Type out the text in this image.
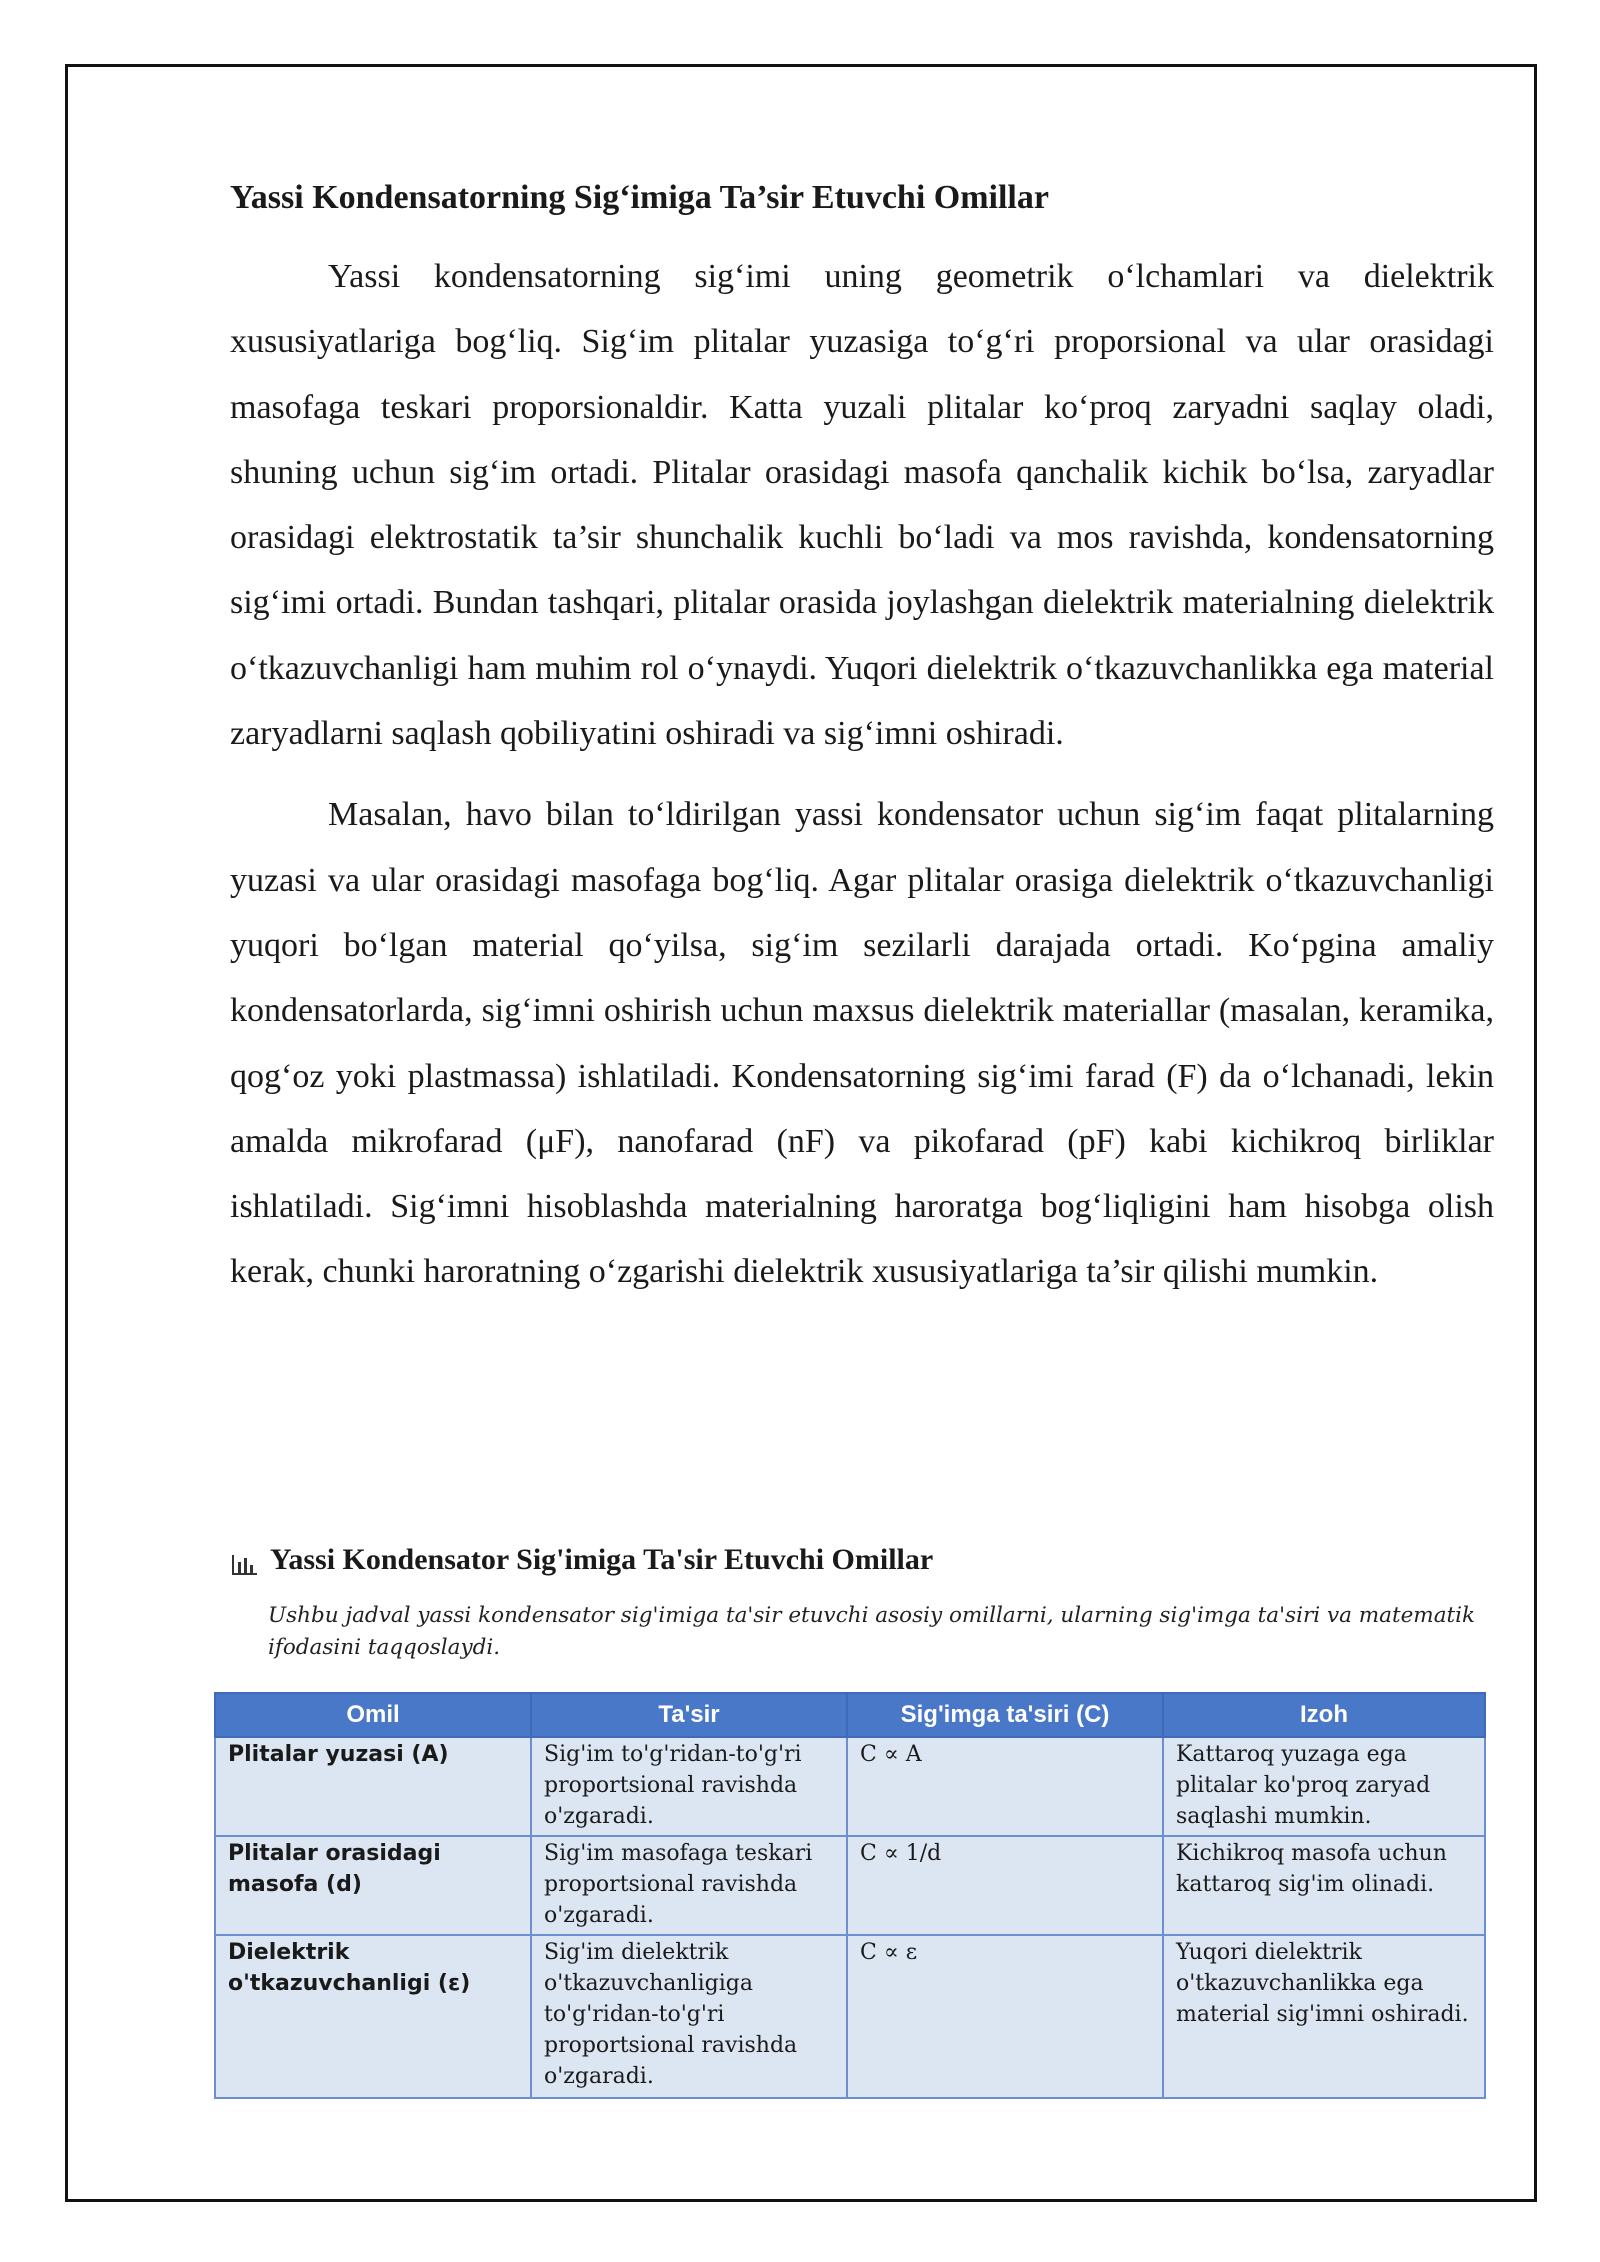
Yassi Kondensatorning Sig‘imiga Ta’sir Etuvchi Omillar

Yassi kondensatorning sig‘imi uning geometrik o‘lchamlari va dielektrik xususiyatlariga bog‘liq. Sig‘im plitalar yuzasiga to‘g‘ri proporsional va ular orasidagi masofaga teskari proporsionaldir. Katta yuzali plitalar ko‘proq zaryadni saqlay oladi, shuning uchun sig‘im ortadi. Plitalar orasidagi masofa qanchalik kichik bo‘lsa, zaryadlar orasidagi elektrostatik ta’sir shunchalik kuchli bo‘ladi va mos ravishda, kondensatorning sig‘imi ortadi. Bundan tashqari, plitalar orasida joylashgan dielektrik materialning dielektrik o‘tkazuvchanligi ham muhim rol o‘ynaydi. Yuqori dielektrik o‘tkazuvchanlikka ega material zaryadlarni saqlash qobiliyatini oshiradi va sig‘imni oshiradi.

Masalan, havo bilan to‘ldirilgan yassi kondensator uchun sig‘im faqat plitalarning yuzasi va ular orasidagi masofaga bog‘liq. Agar plitalar orasiga dielektrik o‘tkazuvchanligi yuqori bo‘lgan material qo‘yilsa, sig‘im sezilarli darajada ortadi. Ko‘pgina amaliy kondensatorlarda, sig‘imni oshirish uchun maxsus dielektrik materiallar (masalan, keramika, qog‘oz yoki plastmassa) ishlatiladi. Kondensatorning sig‘imi farad (F) da o‘lchanadi, lekin amalda mikrofarad (μF), nanofarad (nF) va pikofarad (pF) kabi kichikroq birliklar ishlatiladi. Sig‘imni hisoblashda materialning haroratga bog‘liqligini ham hisobga olish kerak, chunki haroratning o‘zgarishi dielektrik xususiyatlariga ta’sir qilishi mumkin.

Yassi Kondensator Sig'imiga Ta'sir Etuvchi Omillar
Ushbu jadval yassi kondensator sig'imiga ta'sir etuvchi asosiy omillarni, ularning sig'imga ta'siri va matematik ifodasini taqqoslaydi.
Omil	Ta'sir	Sig'imga ta'siri (C)	Izoh
Plitalar yuzasi (A)	Sig'im to'g'ridan-to'g'ri proportsional ravishda o'zgaradi.	C ∝ A	Kattaroq yuzaga ega plitalar ko'proq zaryad saqlashi mumkin.
Plitalar orasidagi masofa (d)	Sig'im masofaga teskari proportsional ravishda o'zgaradi.	C ∝ 1/d	Kichikroq masofa uchun kattaroq sig'im olinadi.
Dielektrik o'tkazuvchanligi (ε)	Sig'im dielektrik o'tkazuvchanligiga to'g'ridan-to'g'ri proportsional ravishda o'zgaradi.	C ∝ ε	Yuqori dielektrik o'tkazuvchanlikka ega material sig'imni oshiradi.
